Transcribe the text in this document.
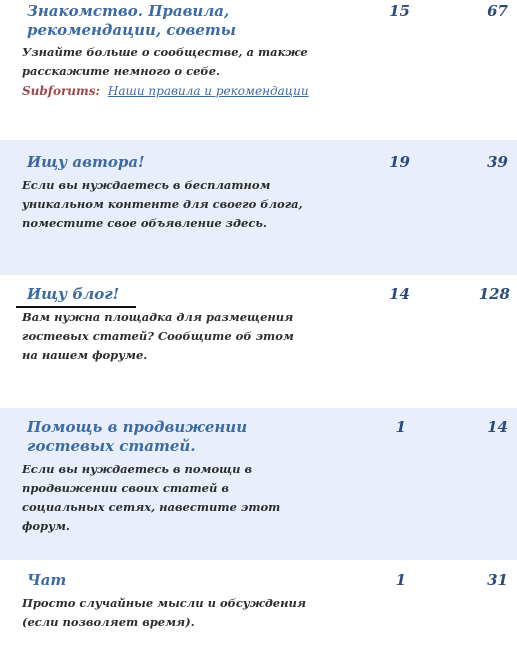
Знакомство. Правила, рекомендации, советы
Узнайте больше о сообществе, а также расскажите немного о себе.
Subforums: Наши правила и рекомендации
15	67
Ищу автора!
Если вы нуждаетесь в бесплатном уникальном контенте для своего блога, поместите свое объявление здесь.
19	39
Ищу блог!
Вам нужна площадка для размещения гостевых статей? Сообщите об этом на нашем форуме.
14	128
Помощь в продвижении гостевых статей.
Если вы нуждаетесь в помощи в продвижении своих статей в социальных сетях, навестите этот форум.
1	14
Чат
Просто случайные мысли и обсуждения (если позволяет время).
1	31
